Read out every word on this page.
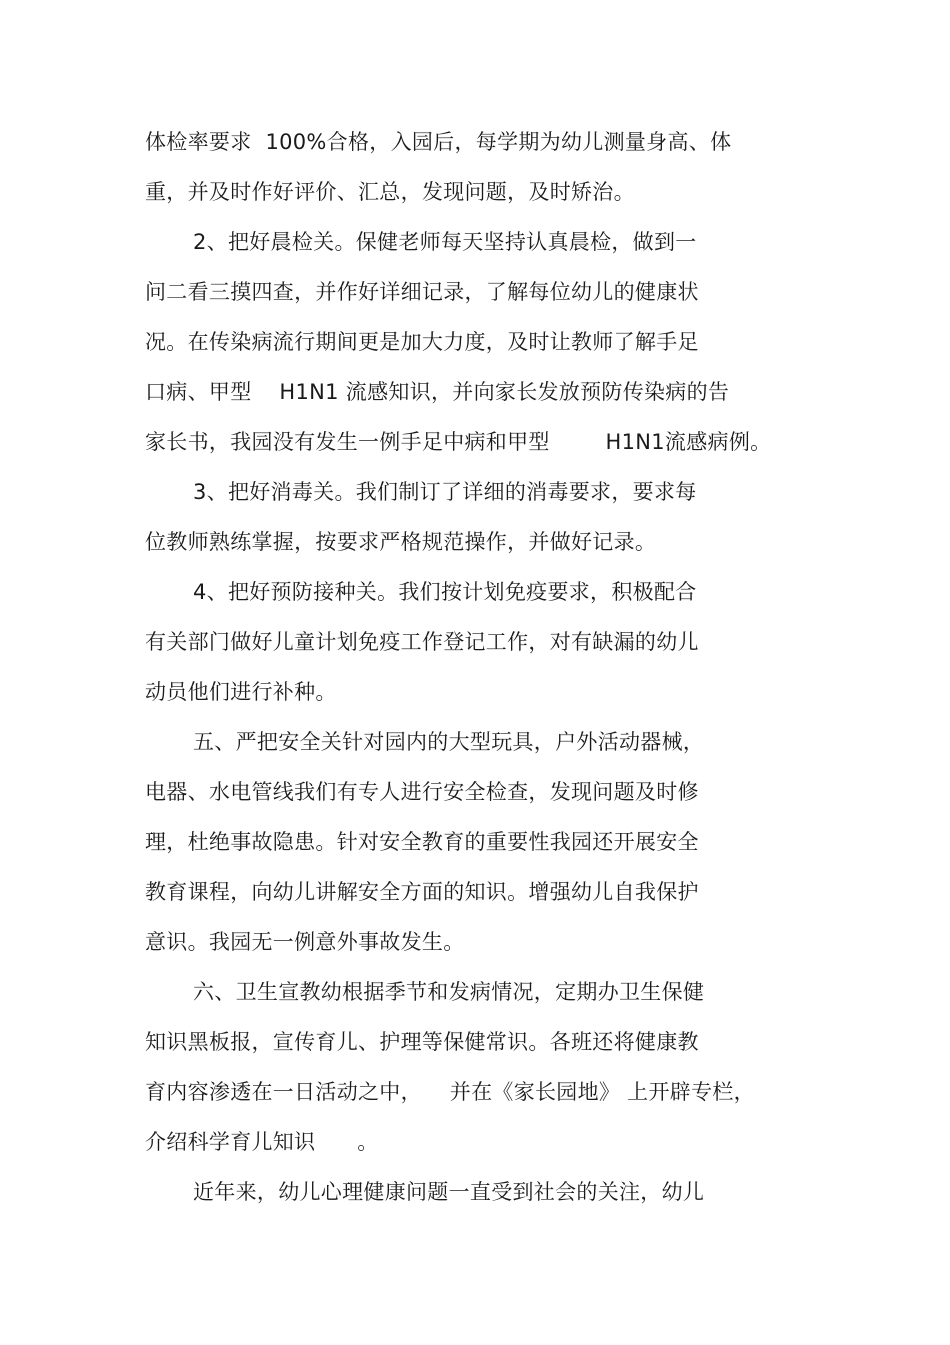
体检率要求  100%合格，入园后，每学期为幼儿测量身高、体
重，并及时作好评价、汇总，发现问题，及时矫治。
2、把好晨检关。保健老师每天坚持认真晨检，做到一
问二看三摸四查，并作好详细记录，了解每位幼儿的健康状
况。在传染病流行期间更是加大力度，及时让教师了解手足
口病、甲型    H1N1 流感知识，并向家长发放预防传染病的告
家长书，我园没有发生一例手足中病和甲型        H1N1流感病例。
3、把好消毒关。我们制订了详细的消毒要求，要求每
位教师熟练掌握，按要求严格规范操作，并做好记录。
4、把好预防接种关。我们按计划免疫要求，积极配合
有关部门做好儿童计划免疫工作登记工作，对有缺漏的幼儿
动员他们进行补种。
五、严把安全关针对园内的大型玩具，户外活动器械，
电器、水电管线我们有专人进行安全检查，发现问题及时修
理，杜绝事故隐患。针对安全教育的重要性我园还开展安全
教育课程，向幼儿讲解安全方面的知识。增强幼儿自我保护
意识。我园无一例意外事故发生。
六、卫生宣教幼根据季节和发病情况，定期办卫生保健
知识黑板报，宣传育儿、护理等保健常识。各班还将健康教
育内容渗透在一日活动之中，    并在《家长园地》 上开辟专栏，
介绍科学育儿知识      。
近年来，幼儿心理健康问题一直受到社会的关注，幼儿
